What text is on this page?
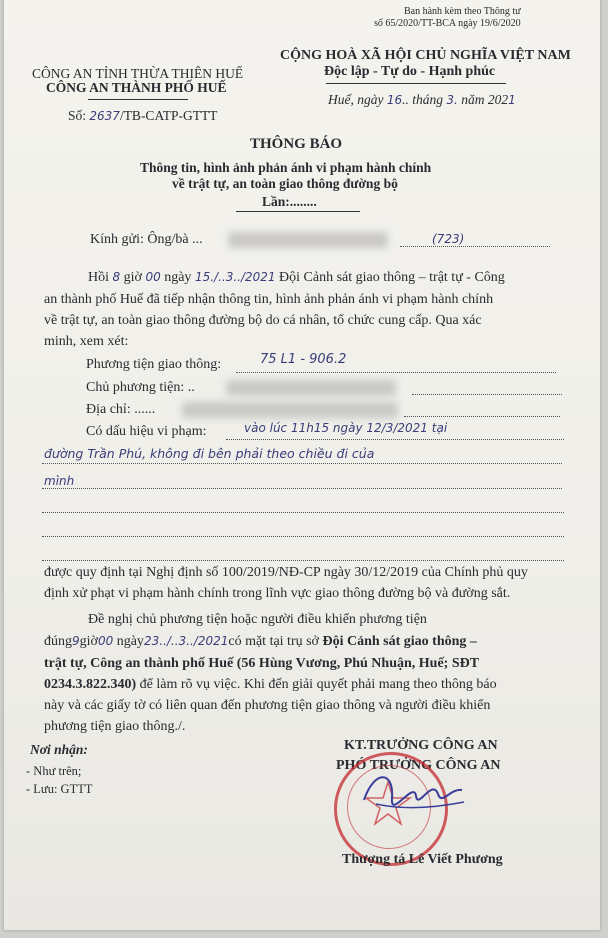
Ban hành kèm theo Thông tư
số 65/2020/TT-BCA ngày 19/6/2020
CÔNG AN TỈNH THỪA THIÊN HUẾ
CÔNG AN THÀNH PHỐ HUẾ
CỘNG HOÀ XÃ HỘI CHỦ NGHĨA VIỆT NAM
Độc lập - Tự do - Hạnh phúc
Số: 2637/TB-CATP-GTTT
Huế, ngày 16.. tháng 3. năm 2021
THÔNG BÁO
Thông tin, hình ảnh phản ánh vi phạm hành chính
về trật tự, an toàn giao thông đường bộ
Lần:........
Kính gửi: Ông/bà ...	(723)
Hồi 8 giờ 00 ngày 15./..3../2021 Đội Cảnh sát giao thông – trật tự - Công
an thành phố Huế đã tiếp nhận thông tin, hình ảnh phản ánh vi phạm hành chính
về trật tự, an toàn giao thông đường bộ do cá nhân, tổ chức cung cấp. Qua xác
minh, xem xét:
Phương tiện giao thông:	75 L1 - 906.2
Chủ phương tiện: ..
Địa chỉ: ......
Có dấu hiệu vi phạm:	vào lúc 11h15 ngày 12/3/2021 tại
đường Trần Phú, không đi bên phải theo chiều đi của
mình
được quy định tại Nghị định số 100/2019/NĐ-CP ngày 30/12/2019 của Chính phủ quy
định xử phạt vi phạm hành chính trong lĩnh vực giao thông đường bộ và đường sắt.
Đề nghị chủ phương tiện hoặc người điều khiển phương tiện
đúng9giờ00 ngày23../..3../2021có mặt tại trụ sở Đội Cảnh sát giao thông –
trật tự, Công an thành phố Huế (56 Hùng Vương, Phú Nhuận, Huế; SĐT
0234.3.822.340) để làm rõ vụ việc. Khi đến giải quyết phải mang theo thông báo
này và các giấy tờ có liên quan đến phương tiện giao thông và người điều khiển
phương tiện giao thông./.
Nơi nhận:
- Như trên;
- Lưu: GTTT
KT.TRƯỞNG CÔNG AN
PHÓ TRƯỞNG CÔNG AN
Thượng tá Lê Viết Phương
